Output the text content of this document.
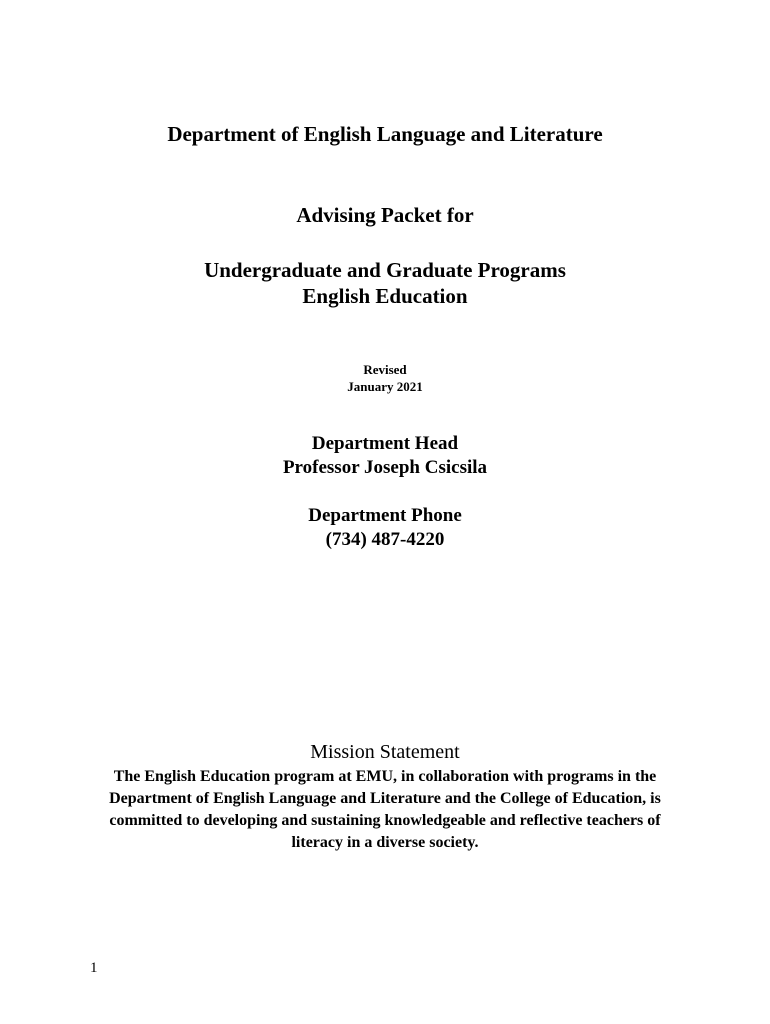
Department of English Language and Literature
Advising Packet for
Undergraduate and Graduate Programs
English Education
Revised
January 2021
Department Head
Professor Joseph Csicsila
Department Phone
(734) 487-4220
Mission Statement
The English Education program at EMU, in collaboration with programs in the Department of English Language and Literature and the College of Education, is committed to developing and sustaining knowledgeable and reflective teachers of literacy in a diverse society.
1
